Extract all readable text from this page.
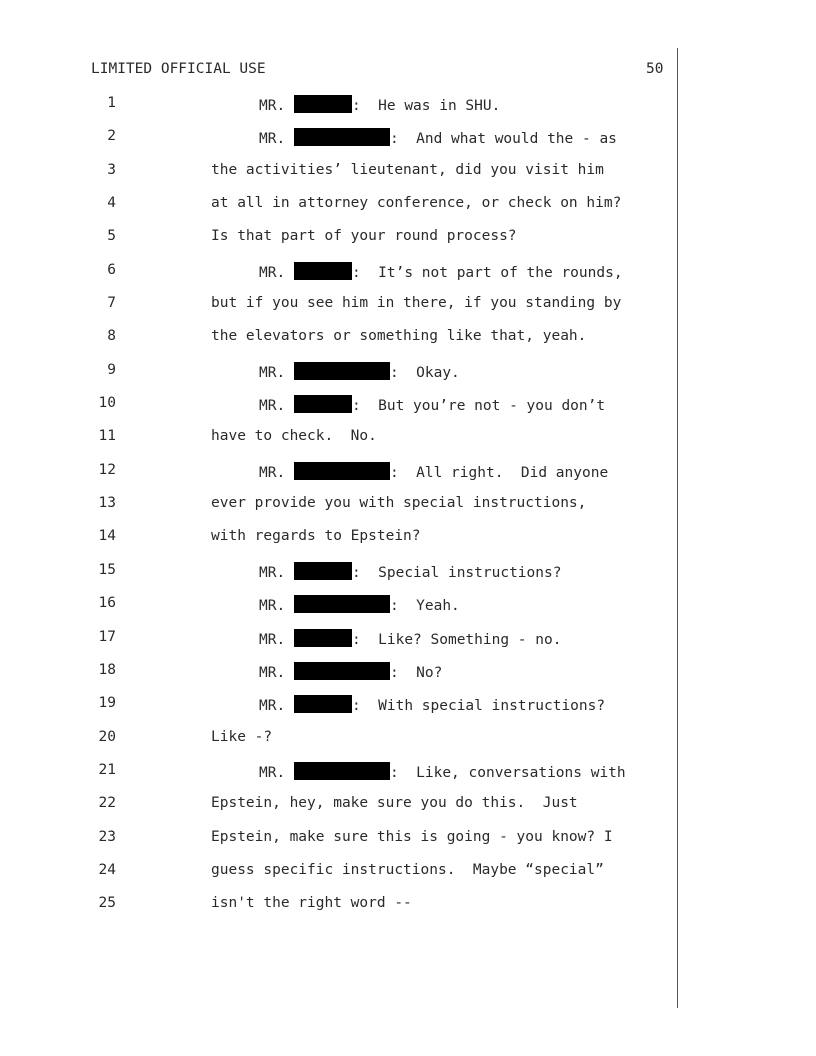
LIMITED OFFICIAL USE	50
1	MR.	:  He was in SHU.
2	MR.	:  And what would the - as
3	the activities’ lieutenant, did you visit him
4	at all in attorney conference, or check on him?
5	Is that part of your round process?
6	MR.	:  It’s not part of the rounds,
7	but if you see him in there, if you standing by
8	the elevators or something like that, yeah.
9	MR.	:  Okay.
10	MR.	:  But you’re not - you don’t
11	have to check.  No.
12	MR.	:  All right.  Did anyone
13	ever provide you with special instructions,
14	with regards to Epstein?
15	MR.	:  Special instructions?
16	MR.	:  Yeah.
17	MR.	:  Like? Something - no.
18	MR.	:  No?
19	MR.	:  With special instructions?
20	Like -?
21	MR.	:  Like, conversations with
22	Epstein, hey, make sure you do this.  Just
23	Epstein, make sure this is going - you know? I
24	guess specific instructions.  Maybe “special”
25	isn't the right word --
